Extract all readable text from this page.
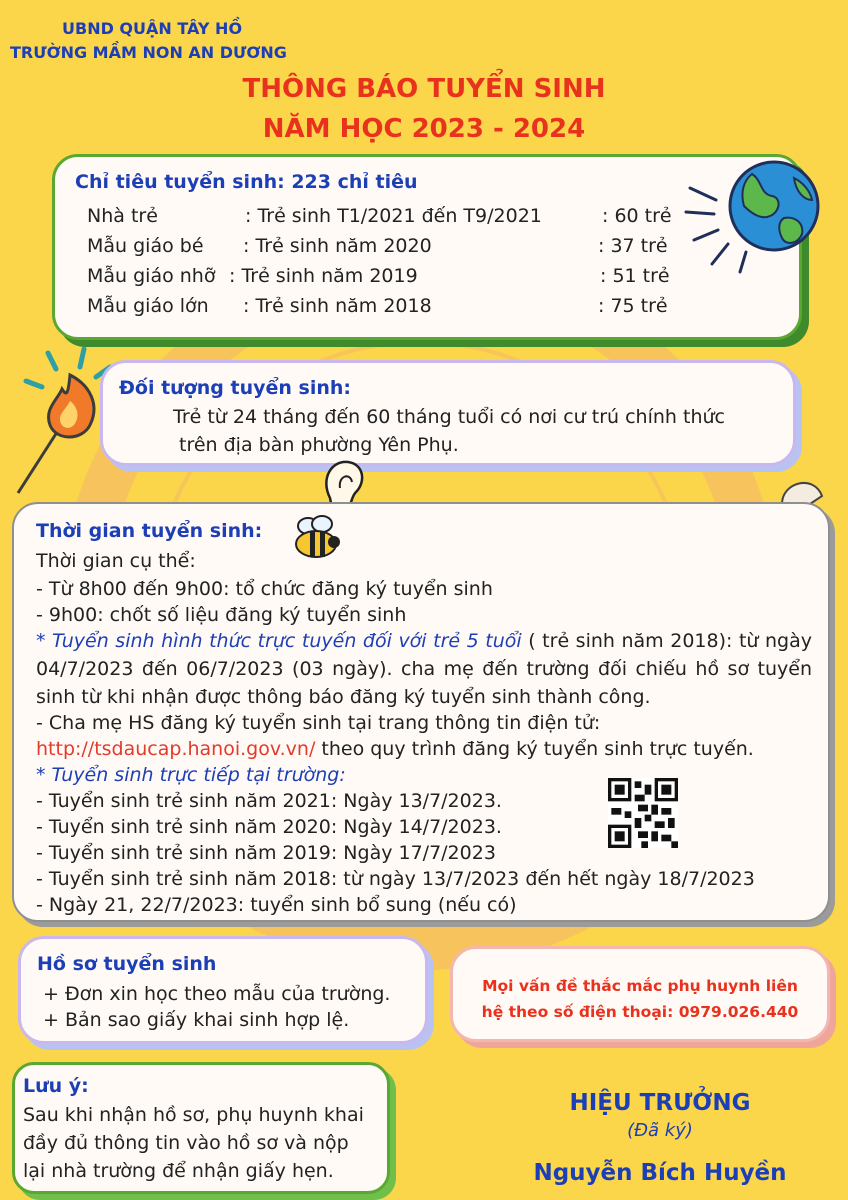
UBND QUẬN TÂY HỒ
TRƯỜNG MẦM NON AN DƯƠNG
THÔNG BÁO TUYỂN SINH
NĂM HỌC 2023 - 2024
Chỉ tiêu tuyển sinh: 223 chỉ tiêu
Nhà trẻ	: Trẻ sinh T1/2021 đến T9/2021	: 60 trẻ
Mẫu giáo bé : Trẻ sinh năm 2020	: 37 trẻ
Mẫu giáo nhỡ : Trẻ sinh năm 2019	: 51 trẻ
Mẫu giáo lớn : Trẻ sinh năm 2018	: 75 trẻ
Đối tượng tuyển sinh:
Trẻ từ 24 tháng đến 60 tháng tuổi có nơi cư trú chính thức
trên địa bàn phường Yên Phụ.
Thời gian tuyển sinh:
Thời gian cụ thể:
- Từ 8h00 đến 9h00: tổ chức đăng ký tuyển sinh
- 9h00: chốt số liệu đăng ký tuyển sinh
* Tuyển sinh hình thức trực tuyến đối với trẻ 5 tuổi ( trẻ sinh năm 2018): từ ngày 04/7/2023 đến 06/7/2023 (03 ngày). cha mẹ đến trường đối chiếu hồ sơ tuyển sinh từ khi nhận được thông báo đăng ký tuyển sinh thành công.
- Cha mẹ HS đăng ký tuyển sinh tại trang thông tin điện tử:
http://tsdaucap.hanoi.gov.vn/ theo quy trình đăng ký tuyển sinh trực tuyến.
* Tuyển sinh trực tiếp tại trường:
- Tuyển sinh trẻ sinh năm 2021: Ngày 13/7/2023.
- Tuyển sinh trẻ sinh năm 2020: Ngày 14/7/2023.
- Tuyển sinh trẻ sinh năm 2019: Ngày 17/7/2023
- Tuyển sinh trẻ sinh năm 2018: từ ngày 13/7/2023 đến hết ngày 18/7/2023
- Ngày 21, 22/7/2023: tuyển sinh bổ sung (nếu có)
Hồ sơ tuyển sinh
+ Đơn xin học theo mẫu của trường.
+ Bản sao giấy khai sinh hợp lệ.
Mọi vấn đề thắc mắc phụ huynh liên
hệ theo số điện thoại: 0979.026.440
Lưu ý:
Sau khi nhận hồ sơ, phụ huynh khai
đầy đủ thông tin vào hồ sơ và nộp
lại nhà trường để nhận giấy hẹn.
HIỆU TRƯỞNG
(Đã ký)
Nguyễn Bích Huyền
